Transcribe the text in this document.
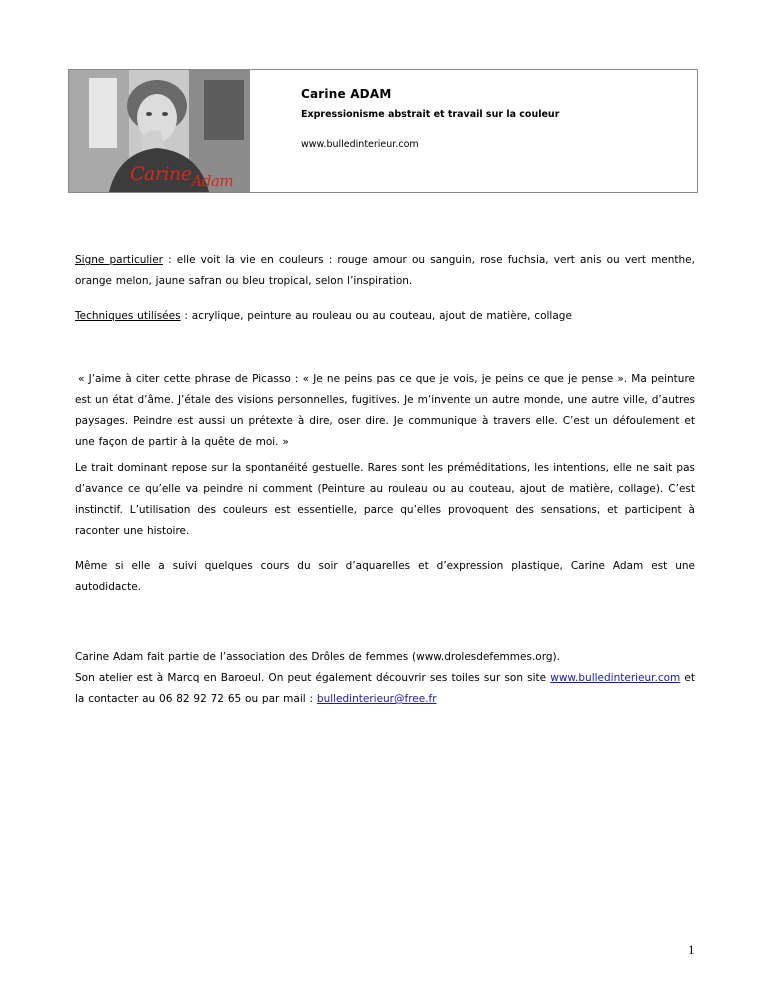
Carine$_{Adam}$
Carine ADAM
Expressionisme abstrait et travail sur la couleur
www.bulledinterieur.com
Signe particulier : elle voit la vie en couleurs : rouge amour ou sanguin, rose fuchsia, vert anis ou vert menthe, orange melon, jaune safran ou bleu tropical, selon l’inspiration.
Techniques utilisées : acrylique, peinture au rouleau ou au couteau, ajout de matière, collage
« J’aime à citer cette phrase de Picasso : « Je ne peins pas ce que je vois, je peins ce que je pense ». Ma peinture est un état d’âme. J’étale des visions personnelles, fugitives. Je m’invente un autre monde, une autre ville, d’autres paysages. Peindre est aussi un prétexte à dire, oser dire. Je communique à travers elle. C’est un défoulement et une façon de partir à la quête de moi. »
Le trait dominant repose sur la spontanéité gestuelle. Rares sont les préméditations, les intentions, elle ne sait pas d’avance ce qu’elle va peindre ni comment (Peinture au rouleau ou au couteau, ajout de matière, collage). C’est instinctif. L’utilisation des couleurs est essentielle, parce qu’elles provoquent des sensations, et participent à raconter une histoire.
Même si elle a suivi quelques cours du soir d’aquarelles et d’expression plastique, Carine Adam est une autodidacte.
Carine Adam fait partie de l’association des Drôles de femmes (www.drolesdefemmes.org).
Son atelier est à Marcq en Baroeul. On peut également découvrir ses toiles sur son site www.bulledinterieur.com et la contacter au 06 82 92 72 65 ou par mail : bulledinterieur@free.fr
1
